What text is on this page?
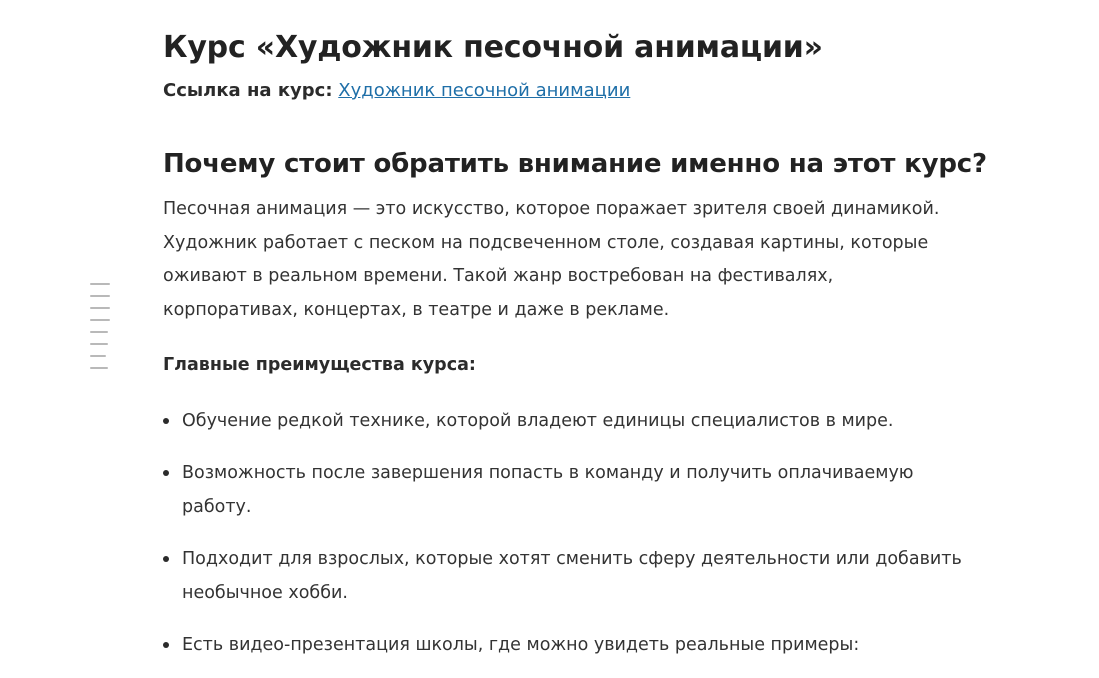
Курс «Художник песочной анимации»

Ссылка на курс: Художник песочной анимации

Почему стоит обратить внимание именно на этот курс?

Песочная анимация — это искусство, которое поражает зрителя своей динамикой.
Художник работает с песком на подсвеченном столе, создавая картины, которые
оживают в реальном времени. Такой жанр востребован на фестивалях,
корпоративах, концертах, в театре и даже в рекламе.

Главные преимущества курса:

Обучение редкой технике, которой владеют единицы специалистов в мире.
Возможность после завершения попасть в команду и получить оплачиваемую
работу.
Подходит для взрослых, которые хотят сменить сферу деятельности или добавить
необычное хобби.
Есть видео-презентация школы, где можно увидеть реальные примеры:
